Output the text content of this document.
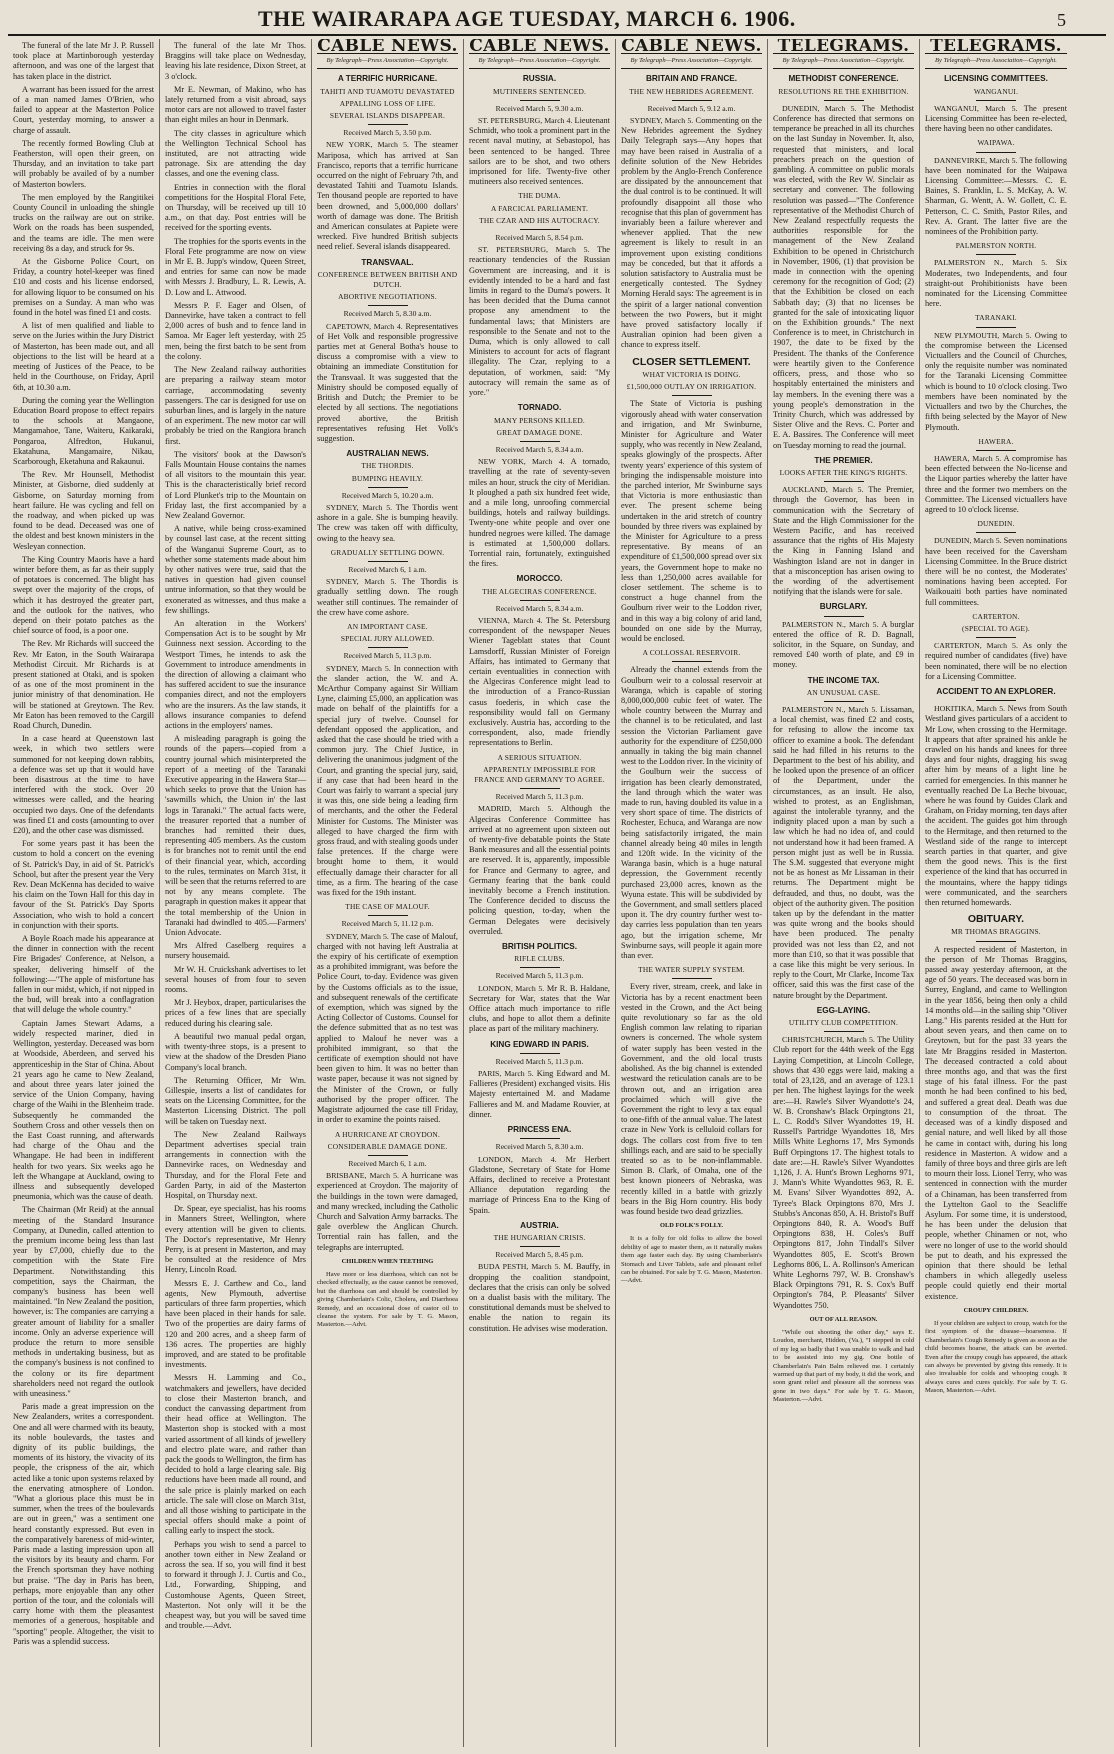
THE WAIRARAPA AGE TUESDAY, MARCH 6. 1906.	5

The funeral of the late Mr J. P. Russell took place at Martinborough yesterday afternoon, and was one of the largest that has taken place in the district.

A warrant has been issued for the arrest of a man named James O'Brien, who failed to appear at the Masterton Police Court, yesterday morning, to answer a charge of assault.

The recently formed Bowling Club at Featherston, will open their green, on Thursday, and an invitation to take part will probably be availed of by a number of Masterton bowlers.

The men employed by the Rangitikei County Council in unloading the shingle trucks on the railway are out on strike. Work on the roads has been suspended, and the teams are idle. The men were receiving 8s a day, and struck for 9s.

At the Gisborne Police Court, on Friday, a country hotel-keeper was fined £10 and costs and his license endorsed, for allowing liquor to be consumed on his premises on a Sunday. A man who was found in the hotel was fined £1 and costs.

A list of men qualified and liable to serve on the Juries within the Jury District of Masterton, has been made out, and all objections to the list will be heard at a meeting of Justices of the Peace, to be held in the Courthouse, on Friday, April 6th, at 10.30 a.m.

During the coming year the Wellington Education Board propose to effect repairs to the schools at Mangaone, Mangamahoe, Tane, Waiteru, Kaikaraki, Pongaroa, Alfredton, Hukanui, Ekatahuna, Mangamaire, Nikau, Scarborough, Eketahuna and Rakaunui.

The Rev. Mr Hounsell, Methodist Minister, at Gisborne, died suddenly at Gisborne, on Saturday morning from heart failure. He was cycling and fell on the roadway, and when picked up was found to be dead. Deceased was one of the oldest and best known ministers in the Wesleyan connection.

The King Country Maoris have a hard winter before them, as far as their supply of potatoes is concerned. The blight has swept over the majority of the crops, of which it has destroyed the greater part, and the outlook for the natives, who depend on their potato patches as the chief source of food, is a poor one.

The Rev. Mr Richards will succeed the Rev. Mr Eaton, in the South Wairarapa Methodist Circuit. Mr Richards is at present stationed at Otaki, and is spoken of as one of the most prominent in the junior ministry of that denomination. He will be stationed at Greytown. The Rev. Mr Eaton has been removed to the Cargill Road Church, Dunedin.

In a case heard at Queenstown last week, in which two settlers were summoned for not keeping down rabbits, a defence was set up that it would have been disastrous at the time to have interfered with the stock. Over 20 witnesses were called, and the hearing occupied two days. One of the defendants was fined £1 and costs (amounting to over £20), and the other case was dismissed.

For some years past it has been the custom to hold a concert on the evening of St. Patrick's Day, in aid of St. Patrick's School, but after the present year the Very Rev. Dean McKenna has decided to waive his claim on the Town Hall for this day in favour of the St. Patrick's Day Sports Association, who wish to hold a concert in conjunction with their sports.

A Boyle Roach made his appearance at the dinner in connection with the recent Fire Brigades' Conference, at Nelson, a speaker, delivering himself of the following:—"The apple of misfortune has fallen in our midst, which, if not nipped in the bud, will break into a conflagration that will deluge the whole country."

Captain James Stewart Adams, a widely respected mariner, died in Wellington, yesterday. Deceased was born at Woodside, Aberdeen, and served his apprenticeship in the Star of China. About 21 years ago he came to New Zealand, and about three years later joined the service of the Union Company, having charge of the Waihi in the Blenheim trade. Subsequently he commanded the Southern Cross and other vessels then on the East Coast running, and afterwards had charge of the Ohau and the Whangape. He had been in indifferent health for two years. Six weeks ago he left the Whangape at Auckland, owing to illness and subsequently developed pneumonia, which was the cause of death.

The Chairman (Mr Reid) at the annual meeting of the Standard Insurance Company, at Dunedin, called attention to the premium income being less than last year by £7,000, chiefly due to the competition with the State Fire Department. Notwithstanding this competition, says the Chairman, the company's business has been well maintained. "In New Zealand the position, however, is: The companies are carrying a greater amount of liability for a smaller income. Only an adverse experience will produce the return to more sensible methods in undertaking business, but as the company's business is not confined to the colony or its fire department shareholders need not regard the outlook with uneasiness."

Paris made a great impression on the New Zealanders, writes a correspondent. One and all were charmed with its beauty, its noble boulevards, the tastes and dignity of its public buildings, the moments of its history, the vivacity of its people, the crispness of the air, which acted like a tonic upon systems relaxed by the enervating atmosphere of London. "What a glorious place this must be in summer, when the trees of the boulevards are out in green," was a sentiment one heard constantly expressed. But even in the comparatively bareness of mid-winter, Paris made a lasting impression upon all the visitors by its beauty and charm. For the French sportsman they have nothing but praise. "The day in Paris has been, perhaps, more enjoyable than any other portion of the tour, and the colonials will carry home with them the pleasantest memories of a generous, hospitable and "sporting" people. Altogether, the visit to Paris was a splendid success.

The funeral of the late Mr Thos. Braggins will take place on Wednesday, leaving his late residence, Dixon Street, at 3 o'clock.

Mr E. Newman, of Makino, who has lately returned from a visit abroad, says motor cars are not allowed to travel faster than eight miles an hour in Denmark.

The city classes in agriculture which the Wellington Technical School has instituted, are not attracting wide patronage. Six are attending the day classes, and one the evening class.

Entries in connection with the floral competitions for the Hospital Floral Fete, on Thursday, will be received up till 10 a.m., on that day. Post entries will be received for the sporting events.

The trophies for the sports events in the Floral Fete programme are now on view in Mr E. B. Jupp's window, Queen Street, and entries for same can now be made with Messrs J. Bradbury, L. R. Lewis, A. D. Low and L. Attwood.

Messrs P. F. Eager and Olsen, of Dannevirke, have taken a contract to fell 2,000 acres of bush and to fence land in Samoa. Mr Eager left yesterday, with 25 men, being the first batch to be sent from the colony.

The New Zealand railway authorities are preparing a railway steam motor carriage, accommodating seventy passengers. The car is designed for use on suburban lines, and is largely in the nature of an experiment. The new motor car will probably be tried on the Rangiora branch first.

The visitors' book at the Dawson's Falls Mountain House contains the names of all visitors to the mountain this year. This is the characteristically brief record of Lord Plunket's trip to the Mountain on Friday last, the first accompanied by a New Zealand Governor.

A native, while being cross-examined by counsel last case, at the recent sitting of the Wanganui Supreme Court, as to whether some statements made about him by other natives were true, said that the natives in question had given counsel untrue information, so that they would be exonerated as witnesses, and thus make a few shillings.

An alteration in the Workers' Compensation Act is to be sought by Mr Guinness next session. According to the Westport Times, he intends to ask the Government to introduce amendments in the direction of allowing a claimant who has suffered accident to sue the insurance companies direct, and not the employers who are the insurers. As the law stands, it allows insurance companies to defend actions in the employers' names.

A misleading paragraph is going the rounds of the papers—copied from a country journal which misinterpreted the report of a meeting of the Taranaki Executive appearing in the Hawera Star—which seeks to prove that the Union has 'sawmills which, the Union in' the last logs in Taranaki." The actual facts were, the treasurer reported that a number of branches had remitted their dues, representing 405 members. As the custom is for branches not to remit until the end of their financial year, which, according to the rules, terminates on March 31st, it will be seen that the returns referred to are not by any means complete. The paragraph in question makes it appear that the total membership of the Union in Taranaki had dwindled to 405.—Farmers' Union Advocate.

Mrs Alfred Caselberg requires a nursery housemaid.

Mr W. H. Cruickshank advertises to let several houses of from four to seven rooms.

Mr J. Heybox, draper, particularises the prices of a few lines that are specially reduced during his clearing sale.

A beautiful two manual pedal organ, with twenty-three stops, is a present to view at the shadow of the Dresden Piano Company's local branch.

The Returning Officer, Mr Wm. Gillespie, inserts a list of candidates for seats on the Licensing Committee, for the Masterton Licensing District. The poll will be taken on Tuesday next.

The New Zealand Railways Department advertises special train arrangements in connection with the Dannevirke races, on Wednesday and Thursday, and for the Floral Fete and Garden Party, in aid of the Masterton Hospital, on Thursday next.

Dr. Spear, eye specialist, has his rooms in Manners Street, Wellington, where every attention will be given to clients. The Doctor's representative, Mr Henry Perry, is at present in Masterton, and may be consulted at the residence of Mrs Henry, Lincoln Road.

Messrs E. J. Carthew and Co., land agents, New Plymouth, advertise particulars of three farm properties, which have been placed in their hands for sale. Two of the properties are dairy farms of 120 and 200 acres, and a sheep farm of 136 acres. The properties are highly improved, and are stated to be profitable investments.

Messrs H. Lamming and Co., watchmakers and jewellers, have decided to close their Masterton branch, and conduct the canvassing department from their head office at Wellington. The Masterton shop is stocked with a most varied assortment of all kinds of jewellery and electro plate ware, and rather than pack the goods to Wellington, the firm has decided to hold a large clearing sale. Big reductions have been made all round, and the sale price is plainly marked on each article. The sale will close on March 31st, and all those wishing to participate in the special offers should make a point of calling early to inspect the stock.

Perhaps you wish to send a parcel to another town either in New Zealand or across the sea. If so, you will find it best to forward it through J. J. Curtis and Co., Ltd., Forwarding, Shipping, and Customhouse Agents, Queen Street, Masterton. Not only will it be the cheapest way, but you will be saved time and trouble.—Advt.

CABLE NEWS.
By Telegraph—Press Association—Copyright.
A TERRIFIC HURRICANE.
TAHITI AND TUAMOTU DEVASTATED
APPALLING LOSS OF LIFE.
SEVERAL ISLANDS DISAPPEAR.
Received March 5, 3.50 p.m.

NEW YORK, March 5. The steamer Mariposa, which has arrived at San Francisco, reports that a terrific hurricane occurred on the night of February 7th, and devastated Tahiti and Tuamotu Islands. Ten thousand people are reported to have been drowned, and 5,000,000 dollars' worth of damage was done. The British and American consulates at Papiete were wrecked. Five hundred British subjects need relief. Several islands disappeared.

TRANSVAAL.
CONFERENCE BETWEEN BRITISH AND DUTCH.
ABORTIVE NEGOTIATIONS.
Received March 5, 8.30 a.m.

CAPETOWN, March 4. Representatives of Het Volk and responsible progressive parties met at General Botha's house to discuss a compromise with a view to obtaining an immediate Constitution for the Transvaal. It was suggested that the Ministry should be composed equally of British and Dutch; the Premier to be elected by all sections. The negotiations proved abortive, the British representatives refusing Het Volk's suggestion.

AUSTRALIAN NEWS.
THE THORDIS.
BUMPING HEAVILY.
Received March 5, 10.20 a.m.

SYDNEY, March 5. The Thordis went ashore in a gale. She is bumping heavily. The crew was taken off with difficulty, owing to the heavy sea.

GRADUALLY SETTLING DOWN.
Received March 6, 1 a.m.

SYDNEY, March 5. The Thordis is gradually settling down. The rough weather still continues. The remainder of the crew have come ashore.

AN IMPORTANT CASE.
SPECIAL JURY ALLOWED.
Received March 5, 11.3 p.m.

SYDNEY, March 5. In connection with the slander action, the W. and A. McArthur Company against Sir William Lyne, claiming £5,000, an application was made on behalf of the plaintiffs for a special jury of twelve. Counsel for defendant opposed the application, and asked that the case should be tried with a common jury. The Chief Justice, in delivering the unanimous judgment of the Court, and granting the special jury, said, if any case that had been heard in the Court was fairly to warrant a special jury it was this, one side being a leading firm of merchants, and the other the Federal Minister for Customs. The Minister was alleged to have charged the firm with gross fraud, and with stealing goods under false pretences. If the charge were brought home to them, it would effectually damage their character for all time, as a firm. The hearing of the case was fixed for the 19th instant.

THE CASE OF MALOUF.
Received March 5, 11.12 p.m.

SYDNEY, March 5. The case of Malouf, charged with not having left Australia at the expiry of his certificate of exemption as a prohibited immigrant, was before the Police Court, to-day. Evidence was given by the Customs officials as to the issue, and subsequent renewals of the certificate of exemption, which was signed by the Acting Collector of Customs. Counsel for the defence submitted that as no test was applied to Malouf he never was a prohibited immigrant, so that the certificate of exemption should not have been given to him. It was no better than waste paper, because it was not signed by the Minister of the Crown, or fully authorised by the proper officer. The Magistrate adjourned the case till Friday, in order to examine the points raised.

A HURRICANE AT CROYDON.
CONSIDERABLE DAMAGE DONE.
Received March 6, 1 a.m.

BRISBANE, March 5. A hurricane was experienced at Croydon. The majority of the buildings in the town were damaged, and many wrecked, including the Catholic Church and Salvation Army barracks. The gale overblew the Anglican Church. Torrential rain has fallen, and the telegraphs are interrupted.

CHILDREN WHEN TEETHING

Have more or less diarrhoea, which can not be checked effectually, as the cause cannot be removed, but the diarrhoea can and should be controlled by giving Chamberlain's Colic, Cholera, and Diarrhoea Remedy, and an occasional dose of castor oil to cleanse the system. For sale by T. G. Mason, Masterton.—Advt.

CABLE NEWS.
By Telegraph—Press Association—Copyright.
RUSSIA.
MUTINEERS SENTENCED.
Received March 5, 9.30 a.m.

ST. PETERSBURG, March 4. Lieutenant Schmidt, who took a prominent part in the recent naval mutiny, at Sebastopol, has been sentenced to be hanged. Three sailors are to be shot, and two others imprisoned for life. Twenty-five other mutineers also received sentences.

THE DUMA.
A FARCICAL PARLIAMENT.
THE CZAR AND HIS AUTOCRACY.
Received March 5, 8.54 p.m.

ST. PETERSBURG, March 5. The reactionary tendencies of the Russian Government are increasing, and it is evidently intended to be a hard and fast limits in regard to the Duma's powers. It has been decided that the Duma cannot propose any amendment to the fundamental laws; that Ministers are responsible to the Senate and not to the Duma, which is only allowed to call Ministers to account for acts of flagrant illegality. The Czar, replying to a deputation, of workmen, said: "My autocracy will remain the same as of yore."

TORNADO.
MANY PERSONS KILLED.
GREAT DAMAGE DONE.
Received March 5, 8.34 a.m.

NEW YORK, March 4. A tornado, travelling at the rate of seventy-seven miles an hour, struck the city of Meridian. It ploughed a path six hundred feet wide, and a mile long, unroofing commercial buildings, hotels and railway buildings. Twenty-one white people and over one hundred negroes were killed. The damage is estimated at 1,500,000 dollars. Torrential rain, fortunately, extinguished the fires.

MOROCCO.
THE ALGECIRAS CONFERENCE.
Received March 5, 8.34 a.m.

VIENNA, March 4. The St. Petersburg correspondent of the newspaper Neues Wiener Tageblatt states that Count Lamsdorff, Russian Minister of Foreign Affairs, has intimated to Germany that certain eventualities in connection with the Algeciras Conference might lead to the introduction of a Franco-Russian casus foederis, in which case the responsibility would fall on Germany exclusively. Austria has, according to the correspondent, also, made friendly representations to Berlin.

A SERIOUS SITUATION.
APPARENTLY IMPOSSIBLE FOR FRANCE AND GERMANY TO AGREE.
Received March 5, 11.3 p.m.

MADRID, March 5. Although the Algeciras Conference Committee has arrived at no agreement upon sixteen out of twenty-five debatable points the State Bank measures and all the essential points are reserved. It is, apparently, impossible for France and Germany to agree, and Germany fearing that the bank could inevitably become a French institution. The Conference decided to discuss the policing question, to-day, when the German Delegates were decisively overruled.

BRITISH POLITICS.
RIFLE CLUBS.
Received March 5, 11.3 p.m.

LONDON, March 5. Mr R. B. Haldane, Secretary for War, states that the War Office attach much importance to rifle clubs, and hope to allot them a definite place as part of the military machinery.

KING EDWARD IN PARIS.
Received March 5, 11.3 p.m.

PARIS, March 5. King Edward and M. Fallieres (President) exchanged visits. His Majesty entertained M. and Madame Fallieres and M. and Madame Rouvier, at dinner.

PRINCESS ENA.
Received March 5, 8.30 a.m.

LONDON, March 4. Mr Herbert Gladstone, Secretary of State for Home Affairs, declined to receive a Protestant Alliance deputation regarding the marriage of Princess Ena to the King of Spain.

AUSTRIA.
THE HUNGARIAN CRISIS.
Received March 5, 8.45 p.m.

BUDA PESTH, March 5. M. Bauffy, in dropping the coalition standpoint, declares that the crisis can only be solved on a dualist basis with the military. The constitutional demands must be shelved to enable the nation to regain its constitution. He advises wise moderation.

CABLE NEWS.
By Telegraph—Press Association—Copyright.
BRITAIN AND FRANCE.
THE NEW HEBRIDES AGREEMENT.
Received March 5, 9.12 a.m.

SYDNEY, March 5. Commenting on the New Hebrides agreement the Sydney Daily Telegraph says—Any hopes that may have been raised in Australia of a definite solution of the New Hebrides problem by the Anglo-French Conference are dissipated by the announcement that the dual control is to be continued. It will profoundly disappoint all those who recognise that this plan of government has invariably been a failure wherever and whenever applied. That the new agreement is likely to result in an improvement upon existing conditions may be conceded, but that it affords a solution satisfactory to Australia must be energetically contested. The Sydney Morning Herald says: The agreement is in the spirit of a larger national convention between the two Powers, but it might have proved satisfactory locally if Australian opinion had been given a chance to express itself.

CLOSER SETTLEMENT.
WHAT VICTORIA IS DOING.
£1,500,000 OUTLAY ON IRRIGATION.

The State of Victoria is pushing vigorously ahead with water conservation and irrigation, and Mr Swinburne, Minister for Agriculture and Water supply, who was recently in New Zealand, speaks glowingly of the prospects. After twenty years' experience of this system of bringing the indispensable moisture into the parched interior, Mr Swinburne says that Victoria is more enthusiastic than ever. The present scheme being undertaken in the arid stretch of country bounded by three rivers was explained by the Minister for Agriculture to a press representative. By means of an expenditure of £1,500,000 spread over six years, the Government hope to make no less than 1,250,000 acres available for closer settlement. The scheme is to construct a huge channel from the Goulburn river weir to the Loddon river, and in this way a big colony of arid land, bounded on one side by the Murray, would be enclosed.

A COLLOSSAL RESERVOIR.

Already the channel extends from the Goulburn weir to a colossal reservoir at Waranga, which is capable of storing 8,000,000,000 cubic feet of water. The whole country between the Murray and the channel is to be reticulated, and last session the Victorian Parliament gave authority for the expenditure of £250,000 annually in taking the big main channel west to the Loddon river. In the vicinity of the Goulburn weir the success of irrigation has been clearly demonstrated, the land through which the water was made to run, having doubled its value in a very short space of time. The districts of Rochester, Echuca, and Waranga are now being satisfactorily irrigated, the main channel already being 40 miles in length and 120ft wide. In the vicinity of the Waranga basin, which is a huge natural depression, the Government recently purchased 23,000 acres, known as the Wyuna estate. This will be subdivided by the Government, and small settlers placed upon it. The dry country further west to-day carries less population than ten years ago, but the irrigation scheme, Mr Swinburne says, will people it again more than ever.

THE WATER SUPPLY SYSTEM.

Every river, stream, creek, and lake in Victoria has by a recent enactment been vested in the Crown, and the Act being quite revolutionary so far as the old English common law relating to riparian owners is concerned. The whole system of water supply has been vested in the Government, and the old local trusts abolished. As the big channel is extended westward the reticulation canals are to be thrown out, and an irrigation area proclaimed which will give the Government the right to levy a tax equal to one-fifth of the annual value. The latest craze in New York is celluloid collars for dogs. The collars cost from five to ten shillings each, and are said to be specially treated so as to be non-inflammable. Simon B. Clark, of Omaha, one of the best known pioneers of Nebraska, was recently killed in a battle with grizzly bears in the Big Horn country. His body was found beside two dead grizzlies.

OLD FOLK'S FOLLY.

It is a folly for old folks to allow the bowel debility of age to master them, as it naturally makes them age faster each day. By using Chamberlain's Stomach and Liver Tablets, safe and pleasant relief can be obtained. For sale by T. G. Mason, Masterton.—Advt.

TELEGRAMS.
By Telegraph—Press Association—Copyright.
METHODIST CONFERENCE.
RESOLUTIONS RE THE EXHIBITION.

DUNEDIN, March 5. The Methodist Conference has directed that sermons on temperance be preached in all its churches on the last Sunday in November. It, also, requested that ministers, and local preachers preach on the question of gambling. A committee on public morals was elected, with the Rev W. Sinclair as secretary and convener. The following resolution was passed—"The Conference representative of the Methodist Church of New Zealand respectfully requests the authorities responsible for the management of the New Zealand Exhibition to be opened in Christchurch in November, 1906, (1) that provision be made in connection with the opening ceremony for the recognition of God; (2) that the Exhibition be closed on each Sabbath day; (3) that no licenses be granted for the sale of intoxicating liquor on the Exhibition grounds." The next Conference is to meet, in Christchurch in 1907, the date to be fixed by the President. The thanks of the Conference were heartily given to the Conference officers, press, and those who so hospitably entertained the ministers and lay members. In the evening there was a young people's demonstration in the Trinity Church, which was addressed by Sister Olive and the Revs. C. Porter and E. A. Bassires. The Conference will meet on Tuesday morning to read the journal.

THE PREMIER.
LOOKS AFTER THE KING'S RIGHTS.

AUCKLAND, March 5. The Premier, through the Governor, has been in communication with the Secretary of State and the High Commissioner for the Western Pacific, and has received assurance that the rights of His Majesty the King in Fanning Island and Washington Island are not in danger in that a misconception has arisen owing to the wording of the advertisement notifying that the islands were for sale.

BURGLARY.

PALMERSTON N., March 5. A burglar entered the office of R. D. Bagnall, solicitor, in the Square, on Sunday, and removed £40 worth of plate, and £9 in money.

THE INCOME TAX.
AN UNUSUAL CASE.

PALMERSTON N., March 5. Lissaman, a local chemist, was fined £2 and costs, for refusing to allow the income tax officer to examine a book. The defendant said he had filled in his returns to the Department to the best of his ability, and he looked upon the presence of an officer of the Department, under the circumstances, as an insult. He also, wished to protest, as an Englishman, against the intolerable tyranny, and the indignity placed upon a man by such a law which he had no idea of, and could not understand how it had been framed. A person might just as well be in Russia. The S.M. suggested that everyone might not be as honest as Mr Lissaman in their returns. The Department might be defrauded, and thus, no doubt, was the object of the authority given. The position taken up by the defendant in the matter was quite wrong and the books should have been produced. The penalty provided was not less than £2, and not more than £10, so that it was possible that a case like this might be very serious. In reply to the Court, Mr Clarke, Income Tax officer, said this was the first case of the nature brought by the Department.

EGG-LAYING.
UTILITY CLUB COMPETITION.

CHRISTCHURCH, March 5. The Utility Club report for the 44th week of the Egg Laying Competition, at Lincoln College, shows that 430 eggs were laid, making a total of 23,128, and an average of 123.1 per hen. The highest layings for the week are:—H. Rawle's Silver Wyandotte's 24, W. B. Cronshaw's Black Orpingtons 21, L. C. Rodd's Silver Wyandottes 19, H. Russell's Partridge Wyandottes 18, Mrs Mills White Leghorns 17, Mrs Symonds Buff Orpingtons 17. The highest totals to date are:—H. Rawle's Silver Wyandottes 1,126, J. A. Hunt's Brown Leghorns 971, J. Mann's White Wyandottes 963, R. E. M. Evans' Silver Wyandottes 892, A. Tyree's Black Orpingtons 870, Mrs J. Stubbs's Anconas 850, A. H. Bristol's Buff Orpingtons 840, R. A. Wood's Buff Orpingtons 838, H. Coles's Buff Orpingtons 817, John Tindall's Silver Wyandottes 805, E. Scott's Brown Leghorns 806, L. A. Rollinson's American White Leghorns 797, W. B. Cronshaw's Black Orpingtons 791, R. S. Cox's Buff Orpington's 784, P. Pleasants' Silver Wyandottes 750.

OUT OF ALL REASON.

"While out shooting the other day," says E. Loudon, merchant, Hidden, (Va.), "I stepped in cold of my leg so badly that I was unable to walk and had to be assisted into my gig. One bottle of Chamberlain's Pain Balm relieved me. I certainly warmed up that part of my body, it did the work, and soon grant relief and pleasure all the soreness was gone in two days." For sale by T. G. Mason, Masterton.—Advt.

TELEGRAMS.
By Telegraph—Press Association—Copyright.
LICENSING COMMITTEES.
WANGANUI.

WANGANUI, March 5. The present Licensing Committee has been re-elected, there having been no other candidates.

WAIPAWA.

DANNEVIRKE, March 5. The following have been nominated for the Waipawa Licensing Committee:—Messrs. C. E. Baines, S. Franklin, L. S. McKay, A. W. Sharman, G. Wentt, A. W. Gollett, C. E. Petterson, C. C. Smith, Pastor Riles, and Rev. A. Grant. The latter five are the nominees of the Prohibition party.

PALMERSTON NORTH.

PALMERSTON N., March 5. Six Moderates, two Independents, and four straight-out Prohibitionists have been nominated for the Licensing Committee here.

TARANAKI.

NEW PLYMOUTH, March 5. Owing to the compromise between the Licensed Victuallers and the Council of Churches, only the requisite number was nominated for the Taranaki Licensing Committee which is bound to 10 o'clock closing. Two members have been nominated by the Victuallers and two by the Churches, the fifth being selected by the Mayor of New Plymouth.

HAWERA.

HAWERA, March 5. A compromise has been effected between the No-license and the Liquor parties whereby the latter have three and the former two members on the Committee. The Licensed victuallers have agreed to 10 o'clock license.

DUNEDIN.

DUNEDIN, March 5. Seven nominations have been received for the Caversham Licensing Committee. In the Bruce district there will be no contest, the Moderates' nominations having been accepted. For Waikouaiti both parties have nominated full committees.

CARTERTON.
(SPECIAL TO AGE).

CARTERTON, March 5. As only the required number of candidates (five) have been nominated, there will be no election for a Licensing Committee.

ACCIDENT TO AN EXPLORER.

HOKITIKA, March 5. News from South Westland gives particulars of a accident to Mr Low, when crossing to the Hermitage. It appears that after sprained his ankle he crawled on his hands and knees for three days and four nights, dragging his swag after him by means of a light line he carried for emergencies. In this manner he eventually reached De La Beche bivouac, where he was found by Guides Clark and Graham, on Friday morning, ten days after the accident. The guides got him through to the Hermitage, and then returned to the Westland side of the range to intercept search parties in that quarter, and give them the good news. This is the first experience of the kind that has occurred in the mountains, where the happy tidings were communicated, and the searchers then returned homewards.

OBITUARY.
MR THOMAS BRAGGINS.

A respected resident of Masterton, in the person of Mr Thomas Braggins, passed away yesterday afternoon, at the age of 50 years. The deceased was born in Surrey, England, and came to Wellington in the year 1856, being then only a child 14 months old—in the sailing ship "Oliver Lang." His parents resided at the Hutt for about seven years, and then came on to Greytown, but for the past 33 years the late Mr Braggins resided in Masterton. The deceased contracted a cold about three months ago, and that was the first stage of his fatal illness. For the past month he had been confined to his bed, and suffered a great deal. Death was due to consumption of the throat. The deceased was of a kindly disposed and genial nature, and well liked by all those he came in contact with, during his long residence in Masterton. A widow and a family of three boys and three girls are left to mourn their loss. Lionel Terry, who was sentenced in connection with the murder of a Chinaman, has been transferred from the Lyttelton Gaol to the Seacliffe Asylum. For some time, it is understood, he has been under the delusion that people, whether Chinamen or not, who were no longer of use to the world should be put to death, and his expressed the opinion that there should be lethal chambers in which allegedly useless people could quietly end their mortal existence.

CROUPY CHILDREN.

If your children are subject to croup, watch for the first symptom of the disease—hoarseness. If Chamberlain's Cough Remedy is given as soon as the child becomes hoarse, the attack can be averted. Even after the croupy cough has appeared, the attack can always be prevented by giving this remedy. It is also invaluable for colds and whooping cough. It always cures and cures quickly. For sale by T. G. Mason, Masterton.—Advt.
